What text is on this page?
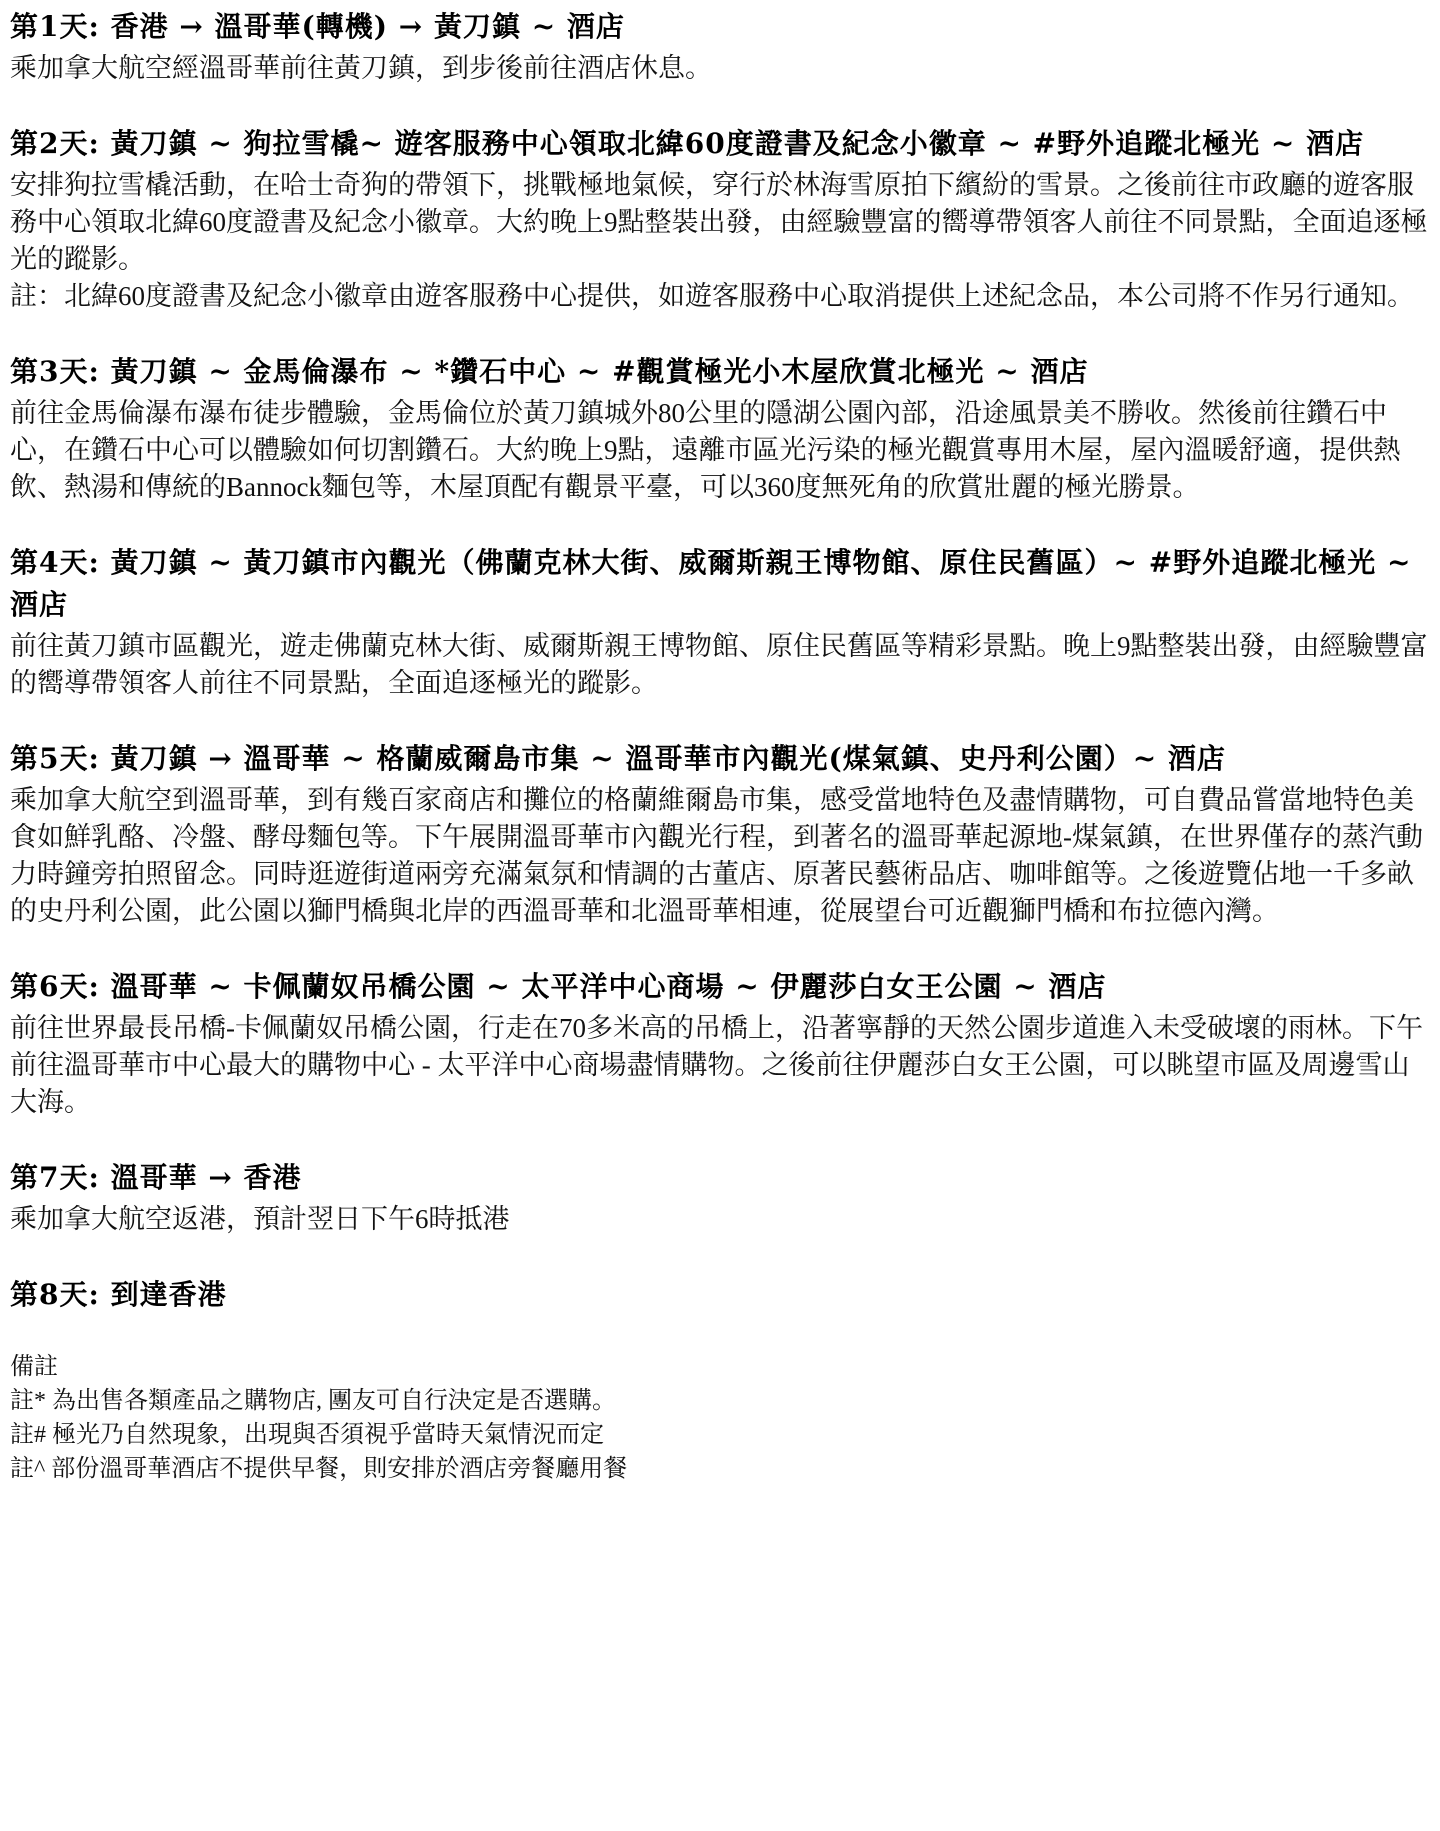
第1天: 香港 → 溫哥華(轉機) → 黃刀鎮 ~ 酒店

乘加拿大航空經溫哥華前往黃刀鎮，到步後前往酒店休息。

第2天: 黃刀鎮 ~ 狗拉雪橇~ 遊客服務中心領取北緯60度證書及紀念小徽章 ~ #野外追蹤北極光 ~ 酒店

安排狗拉雪橇活動，在哈士奇狗的帶領下，挑戰極地氣候，穿行於林海雪原拍下繽紛的雪景。之後前往市政廳的遊客服務中心領取北緯60度證書及紀念小徽章。大約晚上9點整裝出發，由經驗豐富的嚮導帶領客人前往不同景點，全面追逐極光的蹤影。

註：北緯60度證書及紀念小徽章由遊客服務中心提供，如遊客服務中心取消提供上述紀念品，本公司將不作另行通知。

第3天: 黃刀鎮 ~ 金馬倫瀑布 ~ *鑽石中心 ~ #觀賞極光小木屋欣賞北極光 ~ 酒店

前往金馬倫瀑布瀑布徒步體驗，金馬倫位於黃刀鎮城外80公里的隱湖公園內部，沿途風景美不勝收。然後前往鑽石中心，在鑽石中心可以體驗如何切割鑽石。大約晚上9點，遠離市區光污染的極光觀賞專用木屋，屋內溫暖舒適，提供熱飲、熱湯和傳統的Bannock麵包等，木屋頂配有觀景平臺，可以360度無死角的欣賞壯麗的極光勝景。

第4天: 黃刀鎮 ~ 黃刀鎮市內觀光（佛蘭克林大街、威爾斯親王博物館、原住民舊區）~ #野外追蹤北極光 ~ 酒店

前往黃刀鎮市區觀光，遊走佛蘭克林大街、威爾斯親王博物館、原住民舊區等精彩景點。晚上9點整裝出發，由經驗豐富的嚮導帶領客人前往不同景點，全面追逐極光的蹤影。

第5天: 黃刀鎮 → 溫哥華 ~ 格蘭威爾島市集 ~ 溫哥華市內觀光(煤氣鎮、史丹利公園）~ 酒店

乘加拿大航空到溫哥華，到有幾百家商店和攤位的格蘭維爾島市集，感受當地特色及盡情購物，可自費品嘗當地特色美食如鮮乳酪、冷盤、酵母麵包等。下午展開溫哥華市內觀光行程，到著名的溫哥華起源地-煤氣鎮，在世界僅存的蒸汽動力時鐘旁拍照留念。同時逛遊街道兩旁充滿氣氛和情調的古董店、原著民藝術品店、咖啡館等。之後遊覽佔地一千多畝的史丹利公園，此公園以獅門橋與北岸的西溫哥華和北溫哥華相連，從展望台可近觀獅門橋和布拉德內灣。

第6天: 溫哥華 ~ 卡佩蘭奴吊橋公園 ~ 太平洋中心商場 ~ 伊麗莎白女王公園 ~ 酒店

前往世界最長吊橋-卡佩蘭奴吊橋公園，行走在70多米高的吊橋上，沿著寧靜的天然公園步道進入未受破壞的雨林。下午前往溫哥華市中心最大的購物中心 - 太平洋中心商場盡情購物。之後前往伊麗莎白女王公園，可以眺望市區及周邊雪山大海。

第7天: 溫哥華 → 香港

乘加拿大航空返港，預計翌日下午6時抵港

第8天: 到達香港

備註

註* 為出售各類產品之購物店, 團友可自行決定是否選購。

註# 極光乃自然現象，出現與否須視乎當時天氣情況而定

註^ 部份溫哥華酒店不提供早餐，則安排於酒店旁餐廳用餐
